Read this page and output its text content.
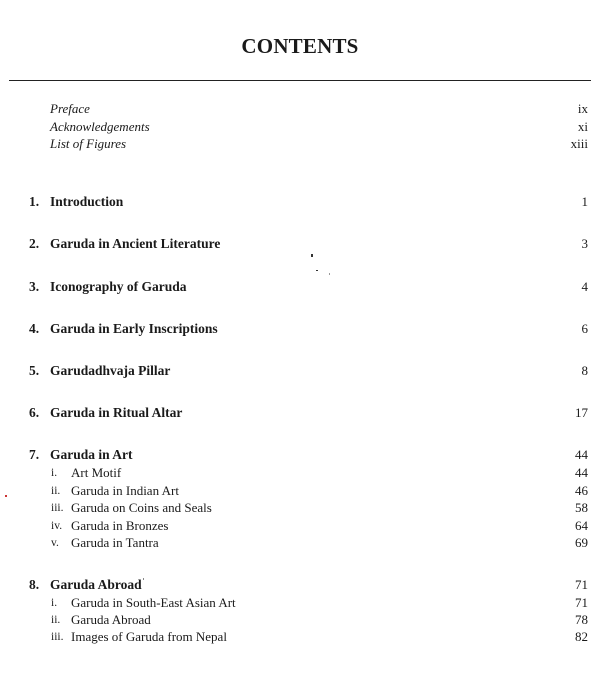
CONTENTS
Preface	ix
Acknowledgements	xi
List of Figures	xiii
1. Introduction	1
2. Garuda in Ancient Literature	3
3. Iconography of Garuda	4
4. Garuda in Early Inscriptions	6
5. Garudadhvaja Pillar	8
6. Garuda in Ritual Altar	17
7. Garuda in Art	44
i. Art Motif	44
ii. Garuda in Indian Art	46
iii. Garuda on Coins and Seals	58
iv. Garuda in Bronzes	64
v. Garuda in Tantra	69
8. Garuda Abroad	71
i. Garuda in South-East Asian Art	71
ii. Garuda Abroad	78
iii. Images of Garuda from Nepal	82
